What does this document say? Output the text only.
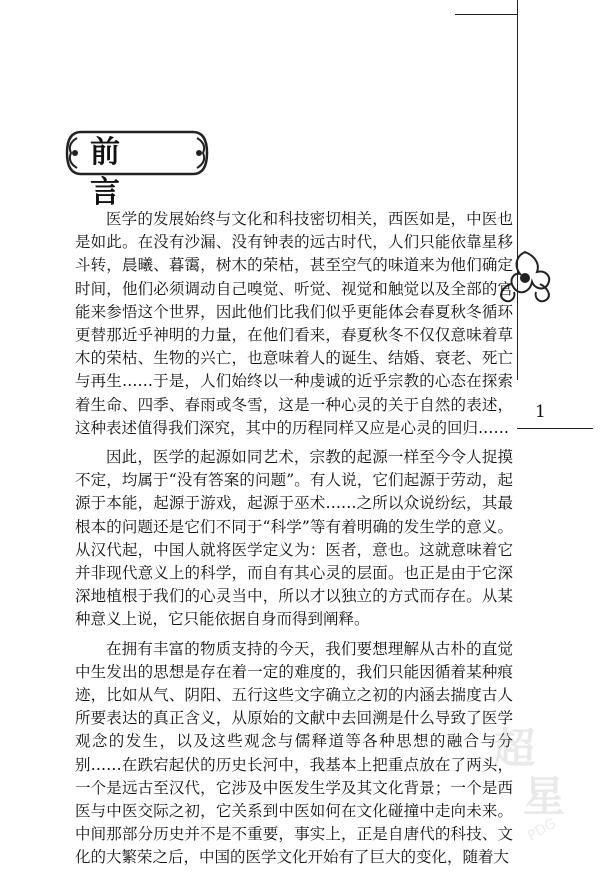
1
前 言

医学的发展始终与文化和科技密切相关，西医如是，中医也是如此。在没有沙漏、没有钟表的远古时代，人们只能依靠星移斗转，晨曦、暮霭，树木的荣枯，甚至空气的味道来为他们确定时间，他们必须调动自己嗅觉、听觉、视觉和触觉以及全部的官能来参悟这个世界，因此他们比我们似乎更能体会春夏秋冬循环更替那近乎神明的力量，在他们看来，春夏秋冬不仅仅意味着草木的荣枯、生物的兴亡，也意味着人的诞生、结婚、衰老、死亡与再生……于是，人们始终以一种虔诚的近乎宗教的心态在探索着生命、四季、春雨或冬雪，这是一种心灵的关于自然的表述，这种表述值得我们深究，其中的历程同样又应是心灵的回归……

因此，医学的起源如同艺术，宗教的起源一样至今令人捉摸不定，均属于“没有答案的问题”。有人说，它们起源于劳动，起源于本能，起源于游戏，起源于巫术……之所以众说纷纭，其最根本的问题还是它们不同于“科学”等有着明确的发生学的意义。从汉代起，中国人就将医学定义为：医者，意也。这就意味着它并非现代意义上的科学，而自有其心灵的层面。也正是由于它深深地植根于我们的心灵当中，所以才以独立的方式而存在。从某种意义上说，它只能依据自身而得到阐释。

在拥有丰富的物质支持的今天，我们要想理解从古朴的直觉中生发出的思想是存在着一定的难度的，我们只能因循着某种痕迹，比如从气、阴阳、五行这些文字确立之初的内涵去揣度古人所要表达的真正含义，从原始的文献中去回溯是什么导致了医学观念的发生，以及这些观念与儒释道等各种思想的融合与分别……在跌宕起伏的历史长河中，我基本上把重点放在了两头，一个是远古至汉代，它涉及中医发生学及其文化背景；一个是西医与中医交际之初，它关系到中医如何在文化碰撞中走向未来。中间那部分历史并不是不重要，事实上，正是自唐代的科技、文化的大繁荣之后，中国的医学文化开始有了巨大的变化，随着大

超
星
PDG
